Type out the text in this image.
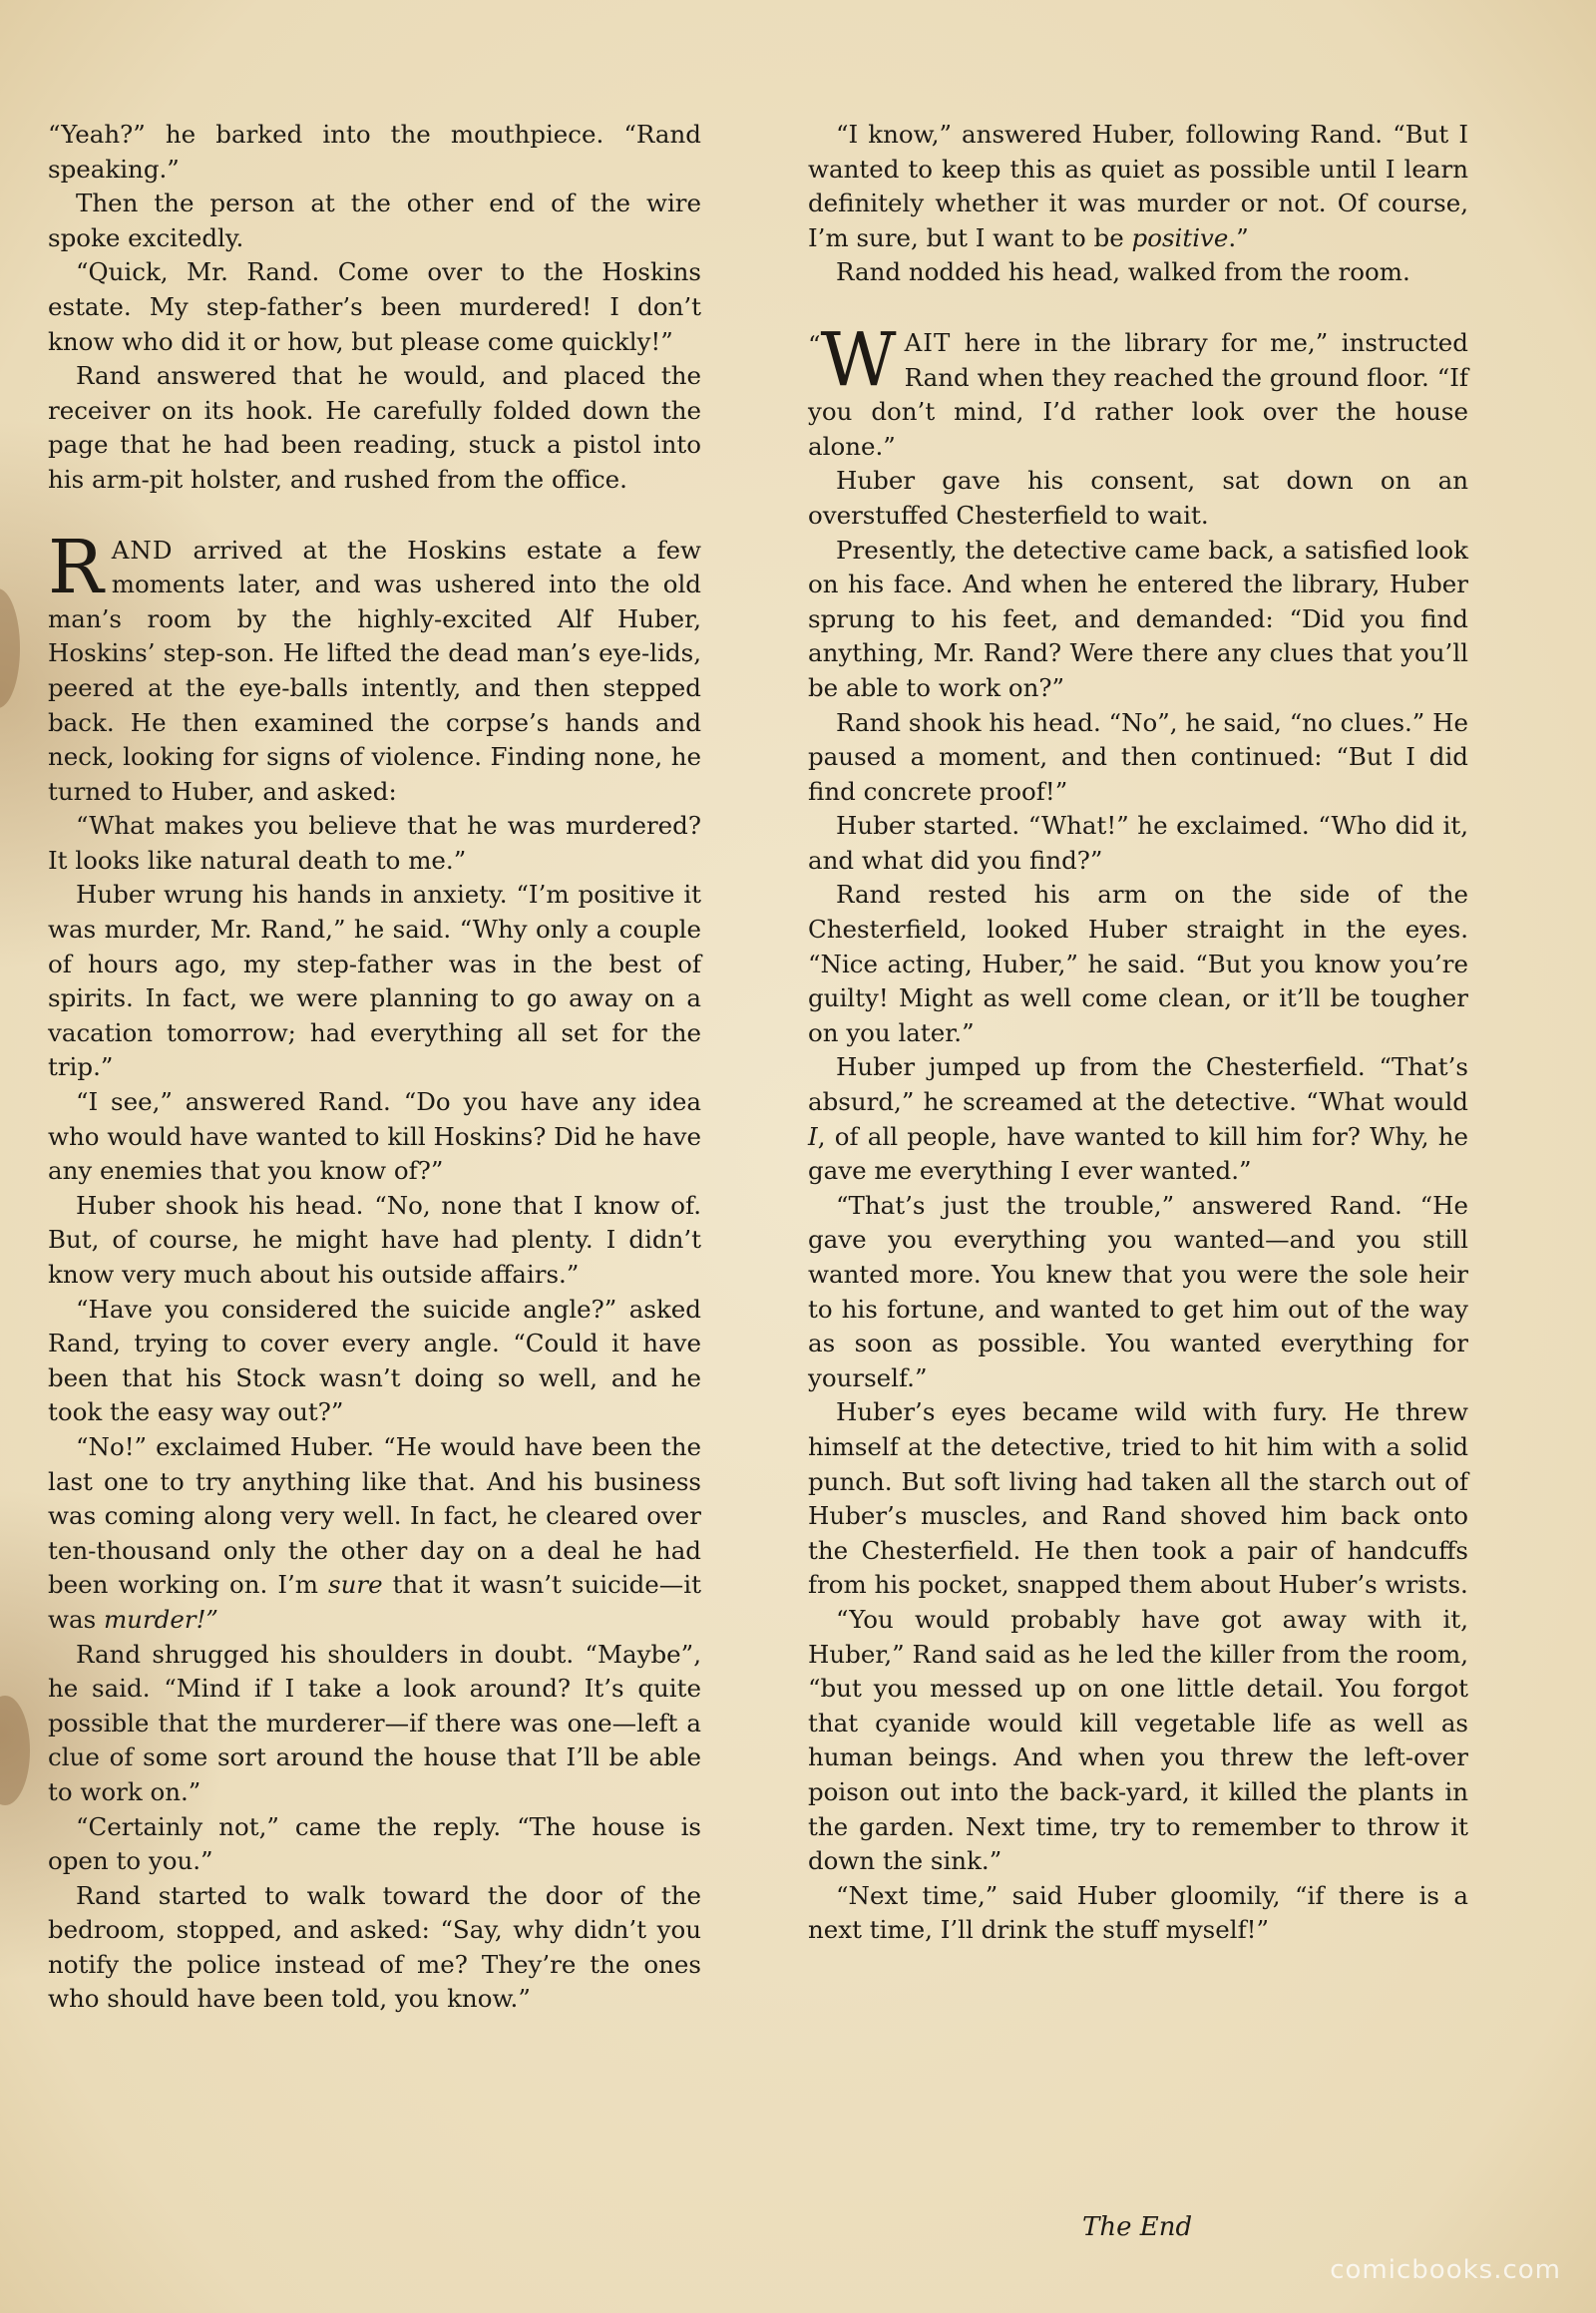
“Yeah?” he barked into the mouthpiece. “Rand speaking.”

Then the person at the other end of the wire spoke excitedly.

“Quick, Mr. Rand. Come over to the Hoskins estate. My step-father’s been murdered! I don’t know who did it or how, but please come quickly!”

Rand answered that he would, and placed the receiver on its hook. He carefully folded down the page that he had been reading, stuck a pistol into his arm-pit holster, and rushed from the office.

RAND arrived at the Hoskins estate a few moments later, and was ushered into the old man’s room by the highly-excited Alf Huber, Hoskins’ step-son. He lifted the dead man’s eye-lids, peered at the eye-balls intently, and then stepped back. He then examined the corpse’s hands and neck, looking for signs of violence. Finding none, he turned to Huber, and asked:

“What makes you believe that he was murdered? It looks like natural death to me.”

Huber wrung his hands in anxiety. “I’m positive it was murder, Mr. Rand,” he said. “Why only a couple of hours ago, my step-father was in the best of spirits. In fact, we were planning to go away on a vacation tomorrow; had everything all set for the trip.”

“I see,” answered Rand. “Do you have any idea who would have wanted to kill Hoskins? Did he have any enemies that you know of?”

Huber shook his head. “No, none that I know of. But, of course, he might have had plenty. I didn’t know very much about his outside affairs.”

“Have you considered the suicide angle?” asked Rand, trying to cover every angle. “Could it have been that his Stock wasn’t doing so well, and he took the easy way out?”

“No!” exclaimed Huber. “He would have been the last one to try anything like that. And his business was coming along very well. In fact, he cleared over ten-thousand only the other day on a deal he had been working on. I’m sure that it wasn’t suicide—it was murder!”

Rand shrugged his shoulders in doubt. “Maybe”, he said. “Mind if I take a look around? It’s quite possible that the murderer—if there was one—left a clue of some sort around the house that I’ll be able to work on.”

“Certainly not,” came the reply. “The house is open to you.”

Rand started to walk toward the door of the bedroom, stopped, and asked: “Say, why didn’t you notify the police instead of me? They’re the ones who should have been told, you know.”

“I know,” answered Huber, following Rand. “But I wanted to keep this as quiet as possible until I learn definitely whether it was murder or not. Of course, I’m sure, but I want to be positive.”

Rand nodded his head, walked from the room.

“ W AIT here in the library for me,” instructed Rand when they reached the ground floor. “If you don’t mind, I’d rather look over the house alone.”

Huber gave his consent, sat down on an overstuffed Chesterfield to wait.

Presently, the detective came back, a satisfied look on his face. And when he entered the library, Huber sprung to his feet, and demanded: “Did you find anything, Mr. Rand? Were there any clues that you’ll be able to work on?”

Rand shook his head. “No”, he said, “no clues.” He paused a moment, and then continued: “But I did find concrete proof!”

Huber started. “What!” he exclaimed. “Who did it, and what did you find?”

Rand rested his arm on the side of the Chesterfield, looked Huber straight in the eyes. “Nice acting, Huber,” he said. “But you know you’re guilty! Might as well come clean, or it’ll be tougher on you later.”

Huber jumped up from the Chesterfield. “That’s absurd,” he screamed at the detective. “What would I, of all people, have wanted to kill him for? Why, he gave me everything I ever wanted.”

“That’s just the trouble,” answered Rand. “He gave you everything you wanted—and you still wanted more. You knew that you were the sole heir to his fortune, and wanted to get him out of the way as soon as possible. You wanted everything for yourself.”

Huber’s eyes became wild with fury. He threw himself at the detective, tried to hit him with a solid punch. But soft living had taken all the starch out of Huber’s muscles, and Rand shoved him back onto the Chesterfield. He then took a pair of handcuffs from his pocket, snapped them about Huber’s wrists.

“You would probably have got away with it, Huber,” Rand said as he led the killer from the room, “but you messed up on one little detail. You forgot that cyanide would kill vegetable life as well as human beings. And when you threw the left-over poison out into the back-yard, it killed the plants in the garden. Next time, try to remember to throw it down the sink.”

“Next time,” said Huber gloomily, “if there is a next time, I’ll drink the stuff myself!”

The End
comicbooks.com
